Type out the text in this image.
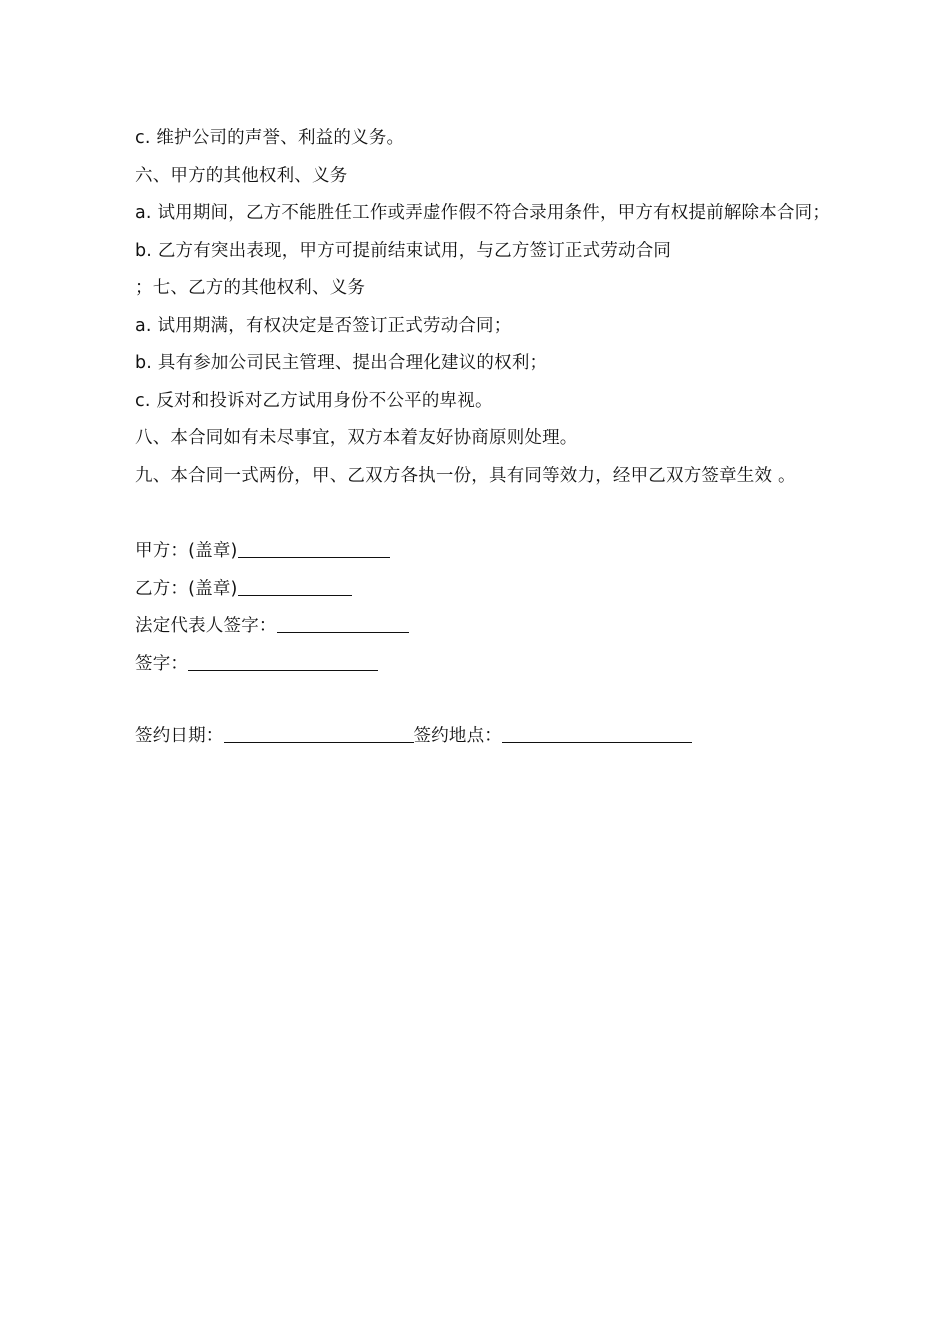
c. 维护公司的声誉、利益的义务。
六、甲方的其他权利、义务
a. 试用期间，乙方不能胜任工作或弄虚作假不符合录用条件，甲方有权提前解除本合同；
b. 乙方有突出表现，甲方可提前结束试用，与乙方签订正式劳动合同
；七、乙方的其他权利、义务
a. 试用期满，有权决定是否签订正式劳动合同；
b. 具有参加公司民主管理、提出合理化建议的权利；
c. 反对和投诉对乙方试用身份不公平的卑视。
八、本合同如有未尽事宜，双方本着友好协商原则处理。
九、本合同一式两份，甲、乙双方各执一份，具有同等效力，经甲乙双方签章生效 。
甲方：(盖章)
乙方：(盖章)
法定代表人签字：
签字：
签约日期：	签约地点：
